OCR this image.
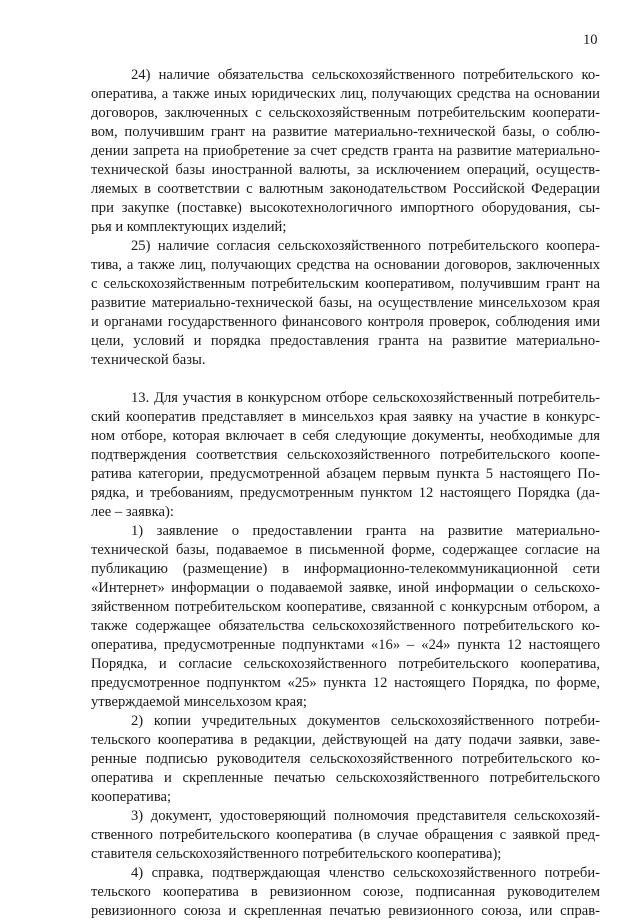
10
24) наличие обязательства сельскохозяйственного потребительского ко-
оператива, а также иных юридических лиц, получающих средства на основании
договоров, заключенных с сельскохозяйственным потребительским кооперати-
вом, получившим грант на развитие материально-технической базы, о соблю-
дении запрета на приобретение за счет средств гранта на развитие материально-
технической базы иностранной валюты, за исключением операций, осуществ-
ляемых в соответствии с валютным законодательством Российской Федерации
при закупке (поставке) высокотехнологичного импортного оборудования, сы-
рья и комплектующих изделий;
25) наличие согласия сельскохозяйственного потребительского коопера-
тива, а также лиц, получающих средства на основании договоров, заключенных
с сельскохозяйственным потребительским кооперативом, получившим грант на
развитие материально-технической базы, на осуществление минсельхозом края
и органами государственного финансового контроля проверок, соблюдения ими
цели, условий и порядка предоставления гранта на развитие материально-
технической базы.
13. Для участия в конкурсном отборе сельскохозяйственный потребитель-
ский кооператив представляет в минсельхоз края заявку на участие в конкурс-
ном отборе, которая включает в себя следующие документы, необходимые для
подтверждения соответствия сельскохозяйственного потребительского коопе-
ратива категории, предусмотренной абзацем первым пункта 5 настоящего По-
рядка, и требованиям, предусмотренным пунктом 12 настоящего Порядка (да-
лее – заявка):
1) заявление о предоставлении гранта на развитие материально-
технической базы, подаваемое в письменной форме, содержащее согласие на
публикацию (размещение) в информационно-телекоммуникационной сети
«Интернет» информации о подаваемой заявке, иной информации о сельскохо-
зяйственном потребительском кооперативе, связанной с конкурсным отбором, а
также содержащее обязательства сельскохозяйственного потребительского ко-
оператива, предусмотренные подпунктами «16» – «24» пункта 12 настоящего
Порядка, и согласие сельскохозяйственного потребительского кооператива,
предусмотренное подпунктом «25» пункта 12 настоящего Порядка, по форме,
утверждаемой минсельхозом края;
2) копии учредительных документов сельскохозяйственного потреби-
тельского кооператива в редакции, действующей на дату подачи заявки, заве-
ренные подписью руководителя сельскохозяйственного потребительского ко-
оператива и скрепленные печатью сельскохозяйственного потребительского
кооператива;
3) документ, удостоверяющий полномочия представителя сельскохозяй-
ственного потребительского кооператива (в случае обращения с заявкой пред-
ставителя сельскохозяйственного потребительского кооператива);
4) справка, подтверждающая членство сельскохозяйственного потреби-
тельского кооператива в ревизионном союзе, подписанная руководителем
ревизионного союза и скрепленная печатью ревизионного союза, или справ-
